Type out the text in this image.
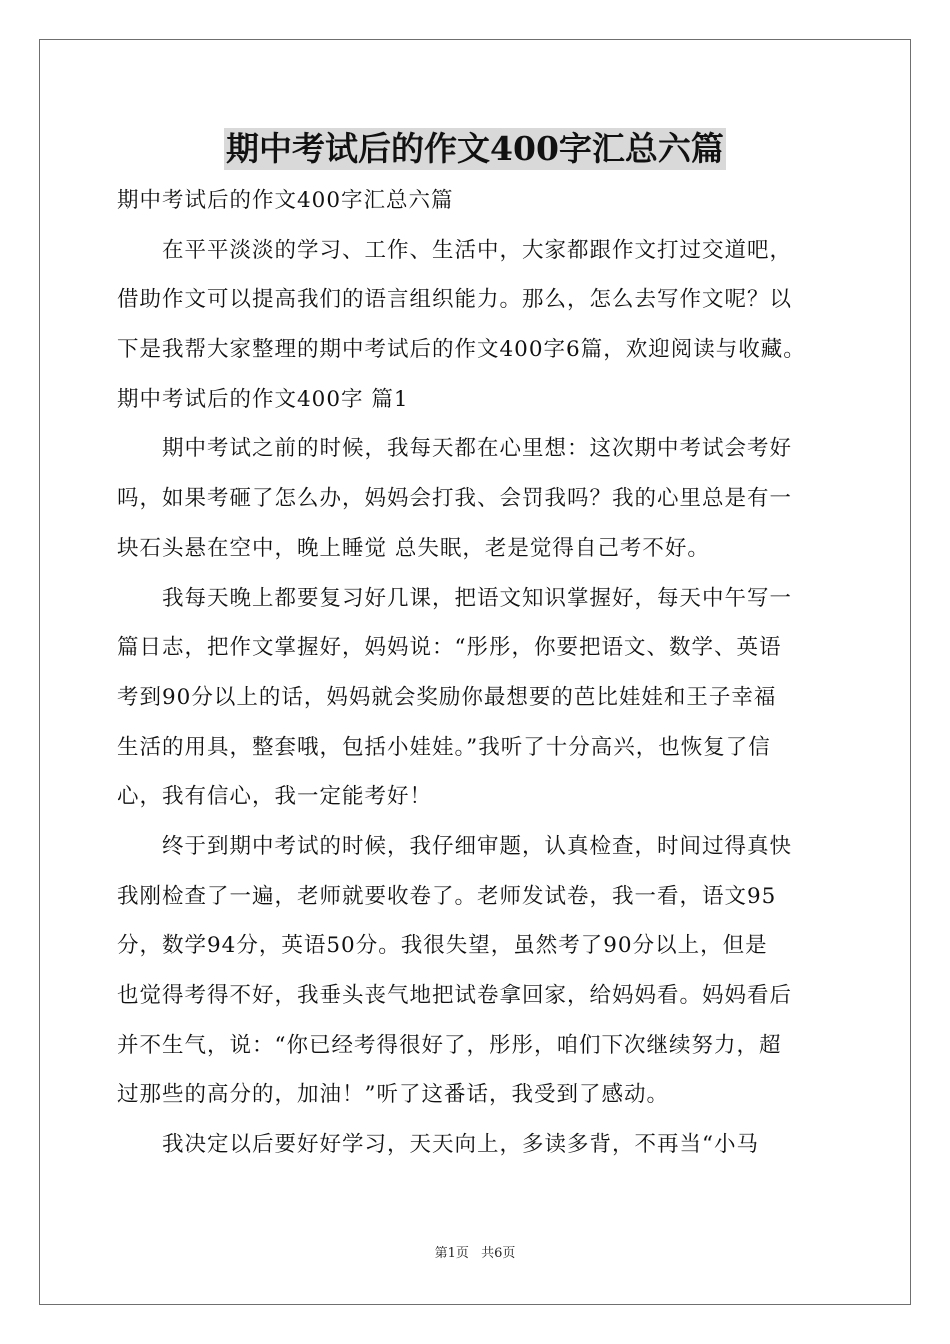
期中考试后的作文400字汇总六篇
期中考试后的作文400字汇总六篇
　　在平平淡淡的学习、工作、生活中，大家都跟作文打过交道吧，
借助作文可以提高我们的语言组织能力。那么，怎么去写作文呢？以
下是我帮大家整理的期中考试后的作文400字6篇，欢迎阅读与收藏。
期中考试后的作文400字 篇1
　　期中考试之前的时候，我每天都在心里想：这次期中考试会考好
吗，如果考砸了怎么办，妈妈会打我、会罚我吗？我的心里总是有一
块石头悬在空中，晚上睡觉 总失眠，老是觉得自己考不好。
　　我每天晚上都要复习好几课，把语文知识掌握好，每天中午写一
篇日志，把作文掌握好，妈妈说：“彤彤，你要把语文、数学、英语
考到90分以上的话，妈妈就会奖励你最想要的芭比娃娃和王子幸福
生活的用具，整套哦，包括小娃娃。”我听了十分高兴，也恢复了信
心，我有信心，我一定能考好！
　　终于到期中考试的时候，我仔细审题，认真检查，时间过得真快
我刚检查了一遍，老师就要收卷了。老师发试卷，我一看，语文95
分，数学94分，英语50分。我很失望，虽然考了90分以上，但是
也觉得考得不好，我垂头丧气地把试卷拿回家，给妈妈看。妈妈看后
并不生气，说：“你已经考得很好了，彤彤，咱们下次继续努力，超
过那些的高分的，加油！”听了这番话，我受到了感动。
　　我决定以后要好好学习，天天向上，多读多背，不再当“小马
第1页 共6页
